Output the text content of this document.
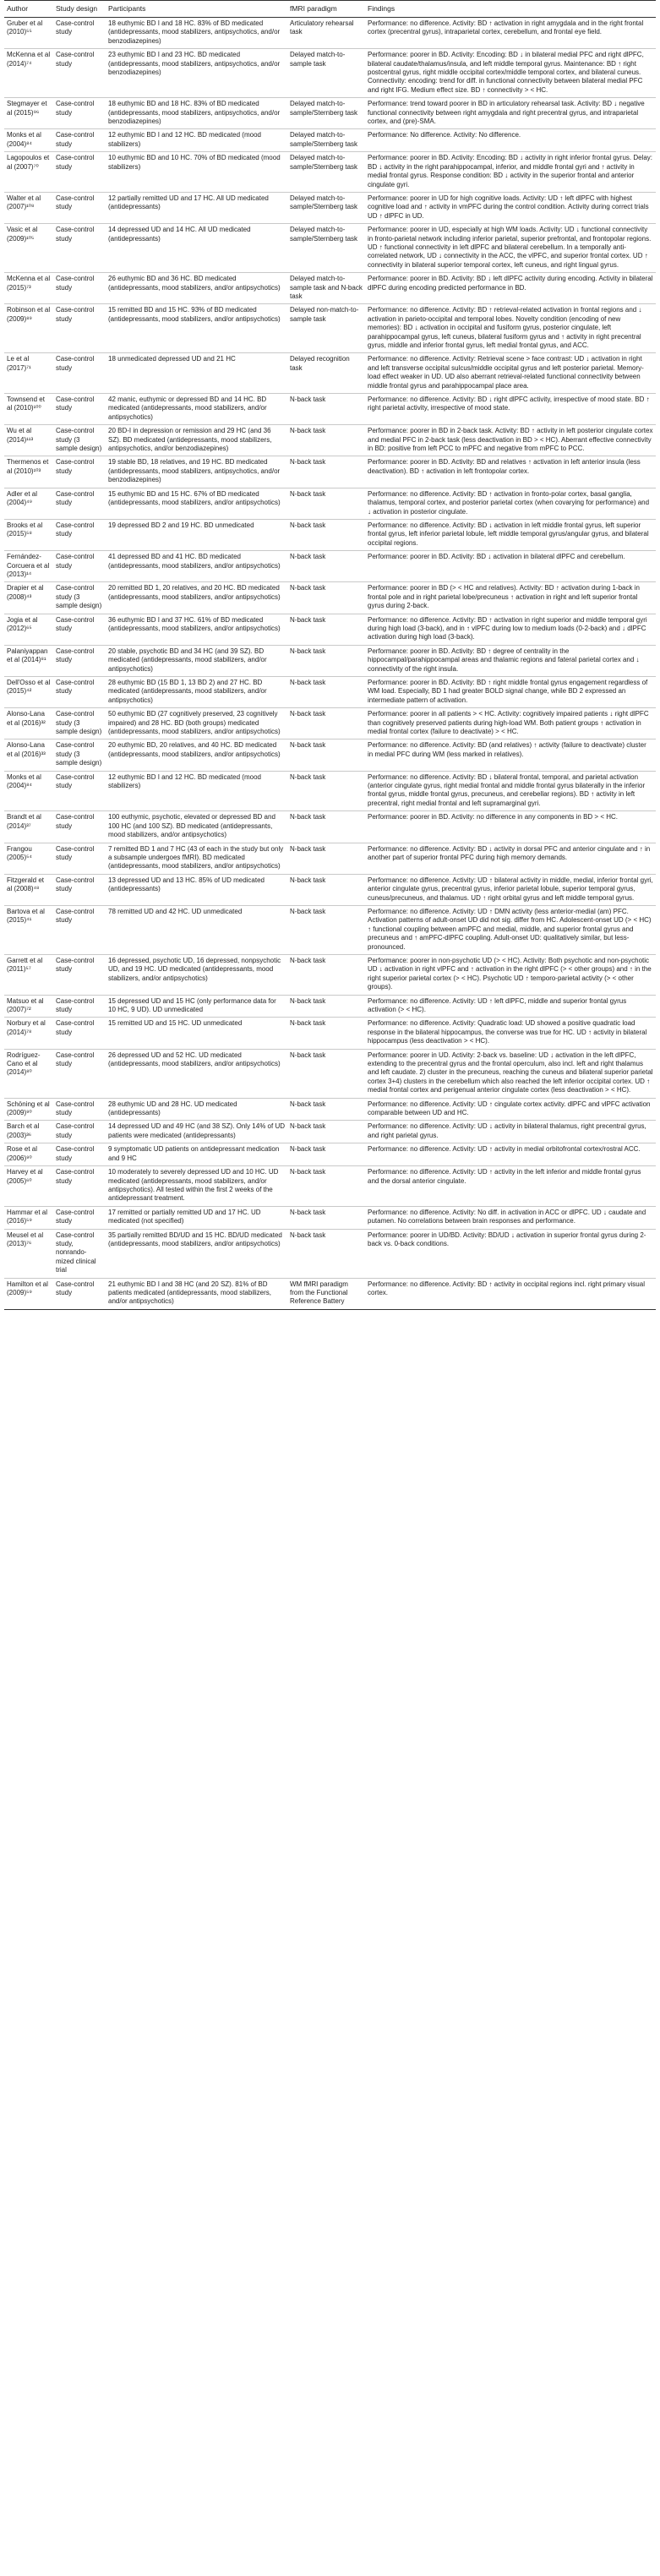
Author	Study design	Participants	fMRI paradigm	Findings
Gruber et al (2010)⁵⁵	Case-control study	18 euthymic BD I and 18 HC. 83% of BD medicated (antidepressants, mood stabilizers, antipsychotics, and/or benzodiazepines)	Articulatory rehearsal task	Performance: no difference. Activity: BD ↑ activation in right amygdala and in the right frontal cortex (precentral gyrus), intraparietal cortex, cerebellum, and frontal eye field.
McKenna et al (2014)⁷⁴	Case-control study	23 euthymic BD I and 23 HC. BD medicated (antidepressants, mood stabilizers, antipsychotics, and/or benzodiazepines)	Delayed match-to-sample task	Performance: poorer in BD. Activity: Encoding: BD ↓ in bilateral medial PFC and right dlPFC, bilateral caudate/thalamus/insula, and left middle temporal gyrus. Maintenance: BD ↑ right postcentral gyrus, right middle occipital cortex/middle temporal cortex, and bilateral cuneus. Connectivity: encoding: trend for diff. in functional connectivity between bilateral medial PFC and right IFG. Medium effect size. BD ↑ connectivity > < HC.
Stegmayer et al (2015)⁹⁶	Case-control study	18 euthymic BD and 18 HC. 83% of BD medicated (antidepressants, mood stabilizers, antipsychotics, and/or benzodiazepines)	Delayed match-to-sample/Sternberg task	Performance: trend toward poorer in BD in articulatory rehearsal task. Activity: BD ↓ negative functional connectivity between right amygdala and right precentral gyrus, and intraparietal cortex, and (pre)-SMA.
Monks et al (2004)⁸⁴	Case-control study	12 euthymic BD I and 12 HC. BD medicated (mood stabilizers)	Delayed match-to-sample/Sternberg task	Performance: No difference. Activity: No difference.
Lagopoulos et al (2007)⁷⁰	Case-control study	10 euthymic BD and 10 HC. 70% of BD medicated (mood stabilizers)	Delayed match-to-sample/Sternberg task	Performance: poorer in BD. Activity: Encoding: BD ↓ activity in right inferior frontal gyrus. Delay: BD ↓ activity in the right parahippocampal, inferior, and middle frontal gyri and ↑ activity in medial frontal gyrus. Response condition: BD ↓ activity in the superior frontal and anterior cingulate gyri.
Walter et al (2007)¹⁰⁸	Case-control study	12 partially remitted UD and 17 HC. All UD medicated (antidepressants)	Delayed match-to-sample/Sternberg task	Performance: poorer in UD for high cognitive loads. Activity: UD ↑ left dlPFC with highest cognitive load and ↑ activity in vmPFC during the control condition. Activity during correct trials UD ↑ dlPFC in UD.
Vasic et al (2009)¹⁰⁵	Case-control study	14 depressed UD and 14 HC. All UD medicated (antidepressants)	Delayed match-to-sample/Sternberg task	Performance: poorer in UD, especially at high WM loads. Activity: UD ↓ functional connectivity in fronto-parietal network including inferior parietal, superior prefrontal, and frontopolar regions. UD ↑ functional connectivity in left dlPFC and bilateral cerebellum. In a temporally anti-correlated network, UD ↓ connectivity in the ACC, the vlPFC, and superior frontal cortex. UD ↑ connectivity in bilateral superior temporal cortex, left cuneus, and right lingual gyrus.
McKenna et al (2015)⁷³	Case-control study	26 euthymic BD and 36 HC. BD medicated (antidepressants, mood stabilizers, and/or antipsychotics)	Delayed match-to-sample task and N-back task	Performance: poorer in BD. Activity: BD ↓ left dlPFC activity during encoding. Activity in bilateral dlPFC during encoding predicted performance in BD.
Robinson et al (2009)⁸⁹	Case-control study	15 remitted BD and 15 HC. 93% of BD medicated (antidepressants, mood stabilizers, and/or antipsychotics)	Delayed non-match-to-sample task	Performance: no difference. Activity: BD ↑ retrieval-related activation in frontal regions and ↓ activation in parieto-occipital and temporal lobes. Novelty condition (encoding of new memories): BD ↓ activation in occipital and fusiform gyrus, posterior cingulate, left parahippocampal gyrus, left cuneus, bilateral fusiform gyrus and ↑ activity in right precentral gyrus, middle and inferior frontal gyrus, left medial frontal gyrus, and ACC.
Le et al (2017)⁷¹	Case-control study	18 unmedicated depressed UD and 21 HC	Delayed recognition task	Performance: no difference. Activity: Retrieval scene > face contrast: UD ↓ activation in right and left transverse occipital sulcus/middle occipital gyrus and left posterior parietal. Memory-load effect weaker in UD. UD also aberrant retrieval-related functional connectivity between middle frontal gyrus and parahippocampal place area.
Townsend et al (2010)¹⁰⁰	Case-control study	42 manic, euthymic or depressed BD and 14 HC. BD medicated (antidepressants, mood stabilizers, and/or antipsychotics)	N-back task	Performance: no difference. Activity: BD ↓ right dlPFC activity, irrespective of mood state. BD ↑ right parietal activity, irrespective of mood state.
Wu et al (2014)¹¹³	Case-control study (3 sample design)	20 BD-I in depression or remission and 29 HC (and 36 SZ). BD medicated (antidepressants, mood stabilizers, antipsychotics, and/or benzodiazepines)	N-back task	Performance: poorer in BD in 2-back task. Activity: BD ↑ activity in left posterior cingulate cortex and medial PFC in 2-back task (less deactivation in BD > < HC). Aberrant effective connectivity in BD: positive from left PCC to mPFC and negative from mPFC to PCC.
Thermenos et al (2010)¹⁰³	Case-control study	19 stable BD, 18 relatives, and 19 HC. BD medicated (antidepressants, mood stabilizers, antipsychotics, and/or benzodiazepines)	N-back task	Performance: poorer in BD. Activity: BD and relatives ↑ activation in left anterior insula (less deactivation). BD ↑ activation in left frontopolar cortex.
Adler et al (2004)⁴⁹	Case-control study	15 euthymic BD and 15 HC. 67% of BD medicated (antidepressants, mood stabilizers, and/or antipsychotics)	N-back task	Performance: no difference. Activity: BD ↑ activation in fronto-polar cortex, basal ganglia, thalamus, temporal cortex, and posterior parietal cortex (when covarying for performance) and ↓ activation in posterior cingulate.
Brooks et al (2015)⁵⁸	Case-control study	19 depressed BD 2 and 19 HC. BD unmedicated	N-back task	Performance: no difference. Activity: BD ↓ activation in left middle frontal gyrus, left superior frontal gyrus, left inferior parietal lobule, left middle temporal gyrus/angular gyrus, and bilateral occipital regions.
Fernández-Corcuera et al (2013)¹⁴	Case-control study	41 depressed BD and 41 HC. BD medicated (antidepressants, mood stabilizers, and/or antipsychotics)	N-back task	Performance: poorer in BD. Activity: BD ↓ activation in bilateral dlPFC and cerebellum.
Drapier et al (2008)⁴³	Case-control study (3 sample design)	20 remitted BD 1, 20 relatives, and 20 HC. BD medicated (antidepressants, mood stabilizers, and/or antipsychotics)	N-back task	Performance: poorer in BD (> < HC and relatives). Activity: BD ↑ activation during 1-back in frontal pole and in right parietal lobe/precuneus ↑ activation in right and left superior frontal gyrus during 2-back.
Jogia et al (2012)⁶⁵	Case-control study	36 euthymic BD I and 37 HC. 61% of BD medicated (antidepressants, mood stabilizers, and/or antipsychotics)	N-back task	Performance: no difference. Activity: BD ↑ activation in right superior and middle temporal gyri during high load (3-back), and in ↑ vlPFC during low to medium loads (0-2-back) and ↓ dlPFC activation during high load (3-back).
Palaniyappan et al (2014)⁸¹	Case-control study	20 stable, psychotic BD and 34 HC (and 39 SZ). BD medicated (antidepressants, mood stabilizers, and/or antipsychotics)	N-back task	Performance: poorer in BD. Activity: BD ↑ degree of centrality in the hippocampal/parahippocampal areas and thalamic regions and fateral parietal cortex and ↓ connectivity of the right insula.
Dell'Osso et al (2015)⁴²	Case-control study	28 euthymic BD (15 BD 1, 13 BD 2) and 27 HC. BD medicated (antidepressants, mood stabilizers, and/or antipsychotics)	N-back task	Performance: poorer in BD. Activity: BD ↑ right middle frontal gyrus engagement regardless of WM load. Especially, BD 1 had greater BOLD signal change, while BD 2 expressed an intermediate pattern of activation.
Alonso-Lana et al (2016)³²	Case-control study (3 sample design)	50 euthymic BD (27 cognitively preserved, 23 cognitively impaired) and 28 HC. BD (both groups) medicated (antidepressants, mood stabilizers, and/or antipsychotics)	N-back task	Performance: poorer in all patients > < HC. Activity: cognitively impaired patients ↓ right dlPFC than cognitively preserved patients during high-load WM. Both patient groups ↑ activation in medial frontal cortex (failure to deactivate) > < HC.
Alonso-Lana et al (2016)³³	Case-control study (3 sample design)	20 euthymic BD, 20 relatives, and 40 HC. BD medicated (antidepressants, mood stabilizers, and/or antipsychotics)	N-back task	Performance: no difference. Activity: BD (and relatives) ↑ activity (failure to deactivate) cluster in medial PFC during WM (less marked in relatives).
Monks et al (2004)⁸⁴	Case-control study	12 euthymic BD I and 12 HC. BD medicated (mood stabilizers)	N-back task	Performance: no difference. Activity: BD ↓ bilateral frontal, temporal, and parietal activation (anterior cingulate gyrus, right medial frontal and middle frontal gyrus bilaterally in the inferior frontal gyrus, middle frontal gyrus, precuneus, and cerebellar regions). BD ↑ activity in left precentral, right medial frontal and left supramarginal gyri.
Brandt et al (2014)³⁷	Case-control study	100 euthymic, psychotic, elevated or depressed BD and 100 HC (and 100 SZ). BD medicated (antidepressants, mood stabilizers, and/or antipsychotics)	N-back task	Performance: poorer in BD. Activity: no difference in any components in BD > < HC.
Frangou (2005)⁵⁴	Case-control study	7 remitted BD 1 and 7 HC (43 of each in the study but only a subsample undergoes fMRI). BD medicated (antidepressants, mood stabilizers, and/or antipsychotics)	N-back task	Performance: no difference. Activity: BD ↓ activity in dorsal PFC and anterior cingulate and ↑ in another part of superior frontal PFC during high memory demands.
Fitzgerald et al (2008)⁴⁸	Case-control study	13 depressed UD and 13 HC. 85% of UD medicated (antidepressants)	N-back task	Performance: no difference. Activity: UD ↑ bilateral activity in middle, medial, inferior frontal gyri, anterior cingulate gyrus, precentral gyrus, inferior parietal lobule, superior temporal gyrus, cuneus/precuneus, and thalamus. UD ↑ right orbital gyrus and left middle temporal gyrus.
Bartova et al (2015)⁴¹	Case-control study	78 remitted UD and 42 HC. UD unmedicated	N-back task	Performance: no difference. Activity: UD ↑ DMN activity (less anterior-medial (am) PFC. Activation patterns of adult-onset UD did not sig. differ from HC. Adolescent-onset UD (> < HC) ↑ functional coupling between amPFC and medial, middle, and superior frontal gyrus and precuneus and ↑ amPFC-dlPFC coupling. Adult-onset UD: qualitatively similar, but less-pronounced.
Garrett et al (2011)⁵⁷	Case-control study	16 depressed, psychotic UD, 16 depressed, nonpsychotic UD, and 19 HC. UD medicated (antidepressants, mood stabilizers, and/or antipsychotics)	N-back task	Performance: poorer in non-psychotic UD (> < HC). Activity: Both psychotic and non-psychotic UD ↓ activation in right vlPFC and ↑ activation in the right dlPFC (> < other groups) and ↑ in the right superior parietal cortex (> < HC). Psychotic UD ↑ temporo-parietal activity (> < other groups).
Matsuo et al (2007)⁷²	Case-control study	15 depressed UD and 15 HC (only performance data for 10 HC, 9 UD). UD unmedicated	N-back task	Performance: no difference. Activity: UD ↑ left dlPFC, middle and superior frontal gyrus activation (> < HC).
Norbury et al (2014)⁷⁸	Case-control study	15 remitted UD and 15 HC. UD unmedicated	N-back task	Performance: no difference. Activity: Quadratic load: UD showed a positive quadratic load response in the bilateral hippocampus, the converse was true for HC. UD ↑ activity in bilateral hippocampus (less deactivation > < HC).
Rodríguez-Cano et al (2014)⁸⁰	Case-control study	26 depressed UD and 52 HC. UD medicated (antidepressants, mood stabilizers, and/or antipsychotics)	N-back task	Performance: poorer in UD. Activity: 2-back vs. baseline: UD ↓ activation in the left dlPFC, extending to the precentral gyrus and the frontal operculum, also incl. left and right thalamus and left caudate. 2) cluster in the precuneus, reaching the cuneus and bilateral superior parietal cortex 3+4) clusters in the cerebellum which also reached the left inferior occipital cortex. UD ↑ medial frontal cortex and perigenual anterior cingulate cortex (less deactivation > < HC).
Schöning et al (2009)⁹⁰	Case-control study	28 euthymic UD and 28 HC. UD medicated (antidepressants)	N-back task	Performance: no difference. Activity: UD ↑ cingulate cortex activity. dlPFC and vlPFC activation comparable between UD and HC.
Barch et al (2003)³⁶	Case-control study	14 depressed UD and 49 HC (and 38 SZ). Only 14% of UD patients were medicated (antidepressants)	N-back task	Performance: no difference. Activity: UD ↓ activity in bilateral thalamus, right precentral gyrus, and right parietal gyrus.
Rose et al (2006)⁹⁰	Case-control study	9 symptomatic UD patients on antidepressant medication and 9 HC	N-back task	Performance: no difference. Activity: UD ↑ activity in medial orbitofrontal cortex/rostral ACC.
Harvey et al (2005)⁶⁰	Case-control study	10 moderately to severely depressed UD and 10 HC. UD medicated (antidepressants, mood stabilizers, and/or antipsychotics). All tested within the first 2 weeks of the antidepressant treatment.	N-back task	Performance: no difference. Activity: UD ↑ activity in the left inferior and middle frontal gyrus and the dorsal anterior cingulate.
Hammar et al (2016)⁵⁹	Case-control study	17 remitted or partially remitted UD and 17 HC. UD medicated (not specified)	N-back task	Performance: no difference. Activity: No diff. in activation in ACC or dlPFC. UD ↓ caudate and putamen. No correlations between brain responses and performance.
Meusel et al (2013)⁷⁶	Case-control study, nonrando-mized clinical trial	35 partially remitted BD/UD and 15 HC. BD/UD medicated (antidepressants, mood stabilizers, and/or antipsychotics)	N-back task	Performance: poorer in UD/BD. Activity: BD/UD ↓ activation in superior frontal gyrus during 2-back vs. 0-back conditions.
Hamilton et al (2009)⁵⁹	Case-control study	21 euthymic BD I and 38 HC (and 20 SZ). 81% of BD patients medicated (antidepressants, mood stabilizers, and/or antipsychotics)	WM fMRI paradigm from the Functional Reference Battery	Performance: no difference. Activity: BD ↑ activity in occipital regions incl. right primary visual cortex.
